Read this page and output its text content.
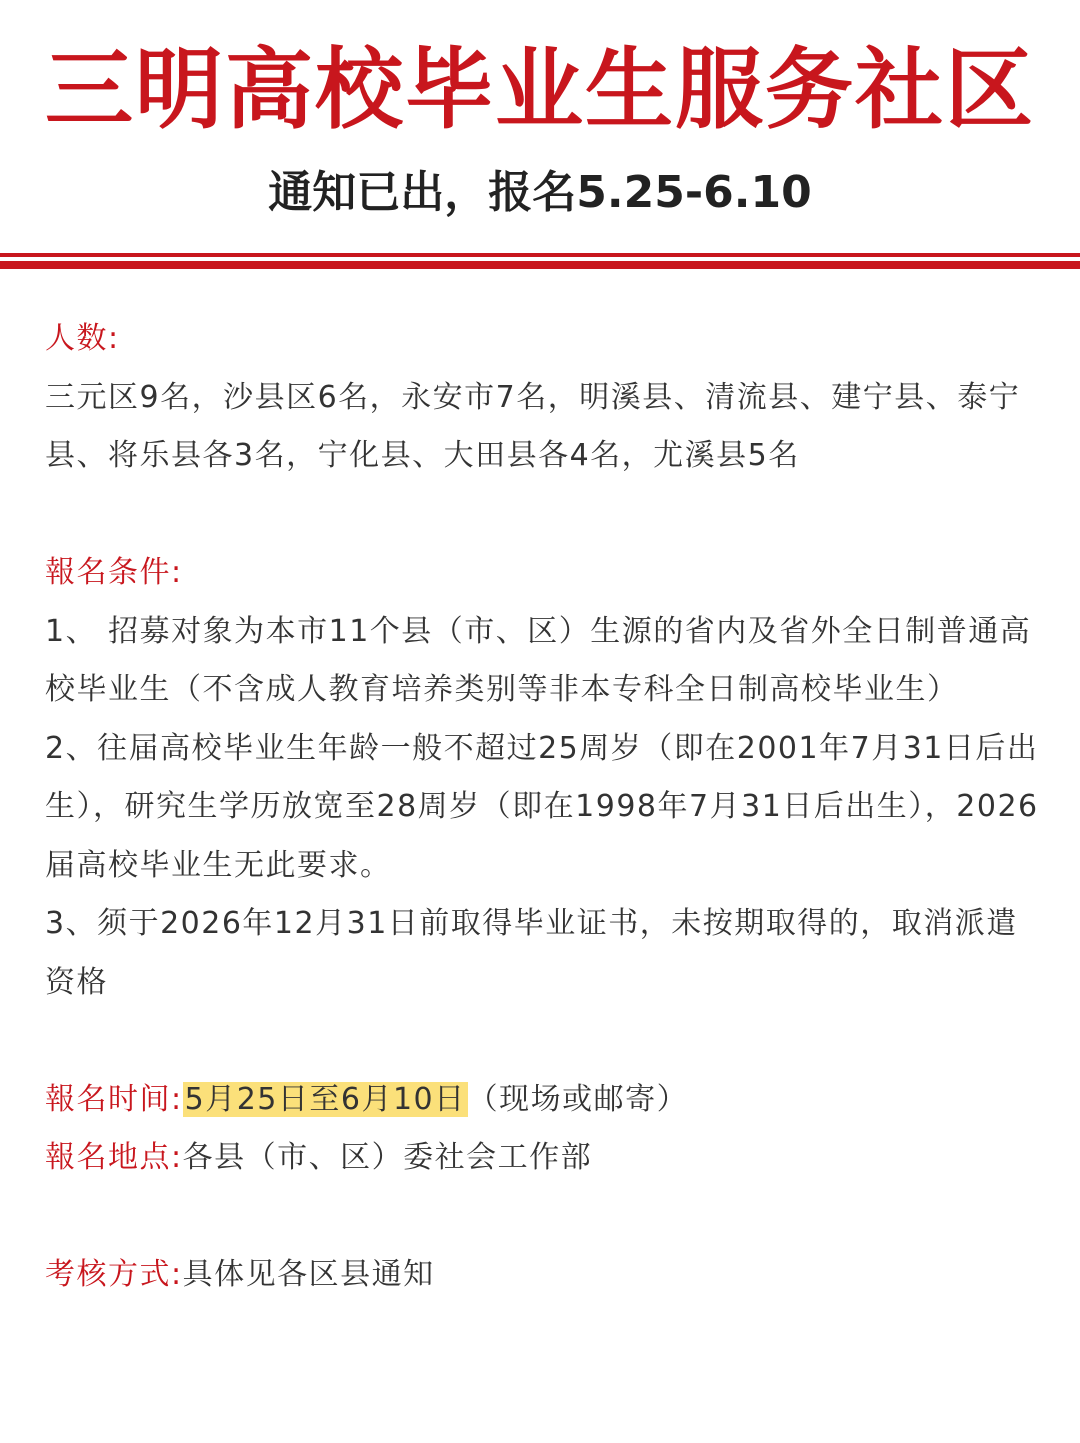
三明高校毕业生服务社区
通知已出，报名5.25-6.10
人数:

三元区9名，沙县区6名，永安市7名，明溪县、清流县、建宁县、泰宁县、将乐县各3名，宁化县、大田县各4名，尤溪县5名

報名条件:

1、 招募对象为本市11个县（市、区）生源的省内及省外全日制普通高校毕业生（不含成人教育培养类别等非本专科全日制高校毕业生）

2、往届高校毕业生年龄一般不超过25周岁（即在2001年7月31日后出生），研究生学历放宽至28周岁（即在1998年7月31日后出生），2026届高校毕业生无此要求。

3、须于2026年12月31日前取得毕业证书，未按期取得的，取消派遣资格

報名时间:5月25日至6月10日（现场或邮寄）

報名地点:各县（市、区）委社会工作部

考核方式:具体见各区县通知
